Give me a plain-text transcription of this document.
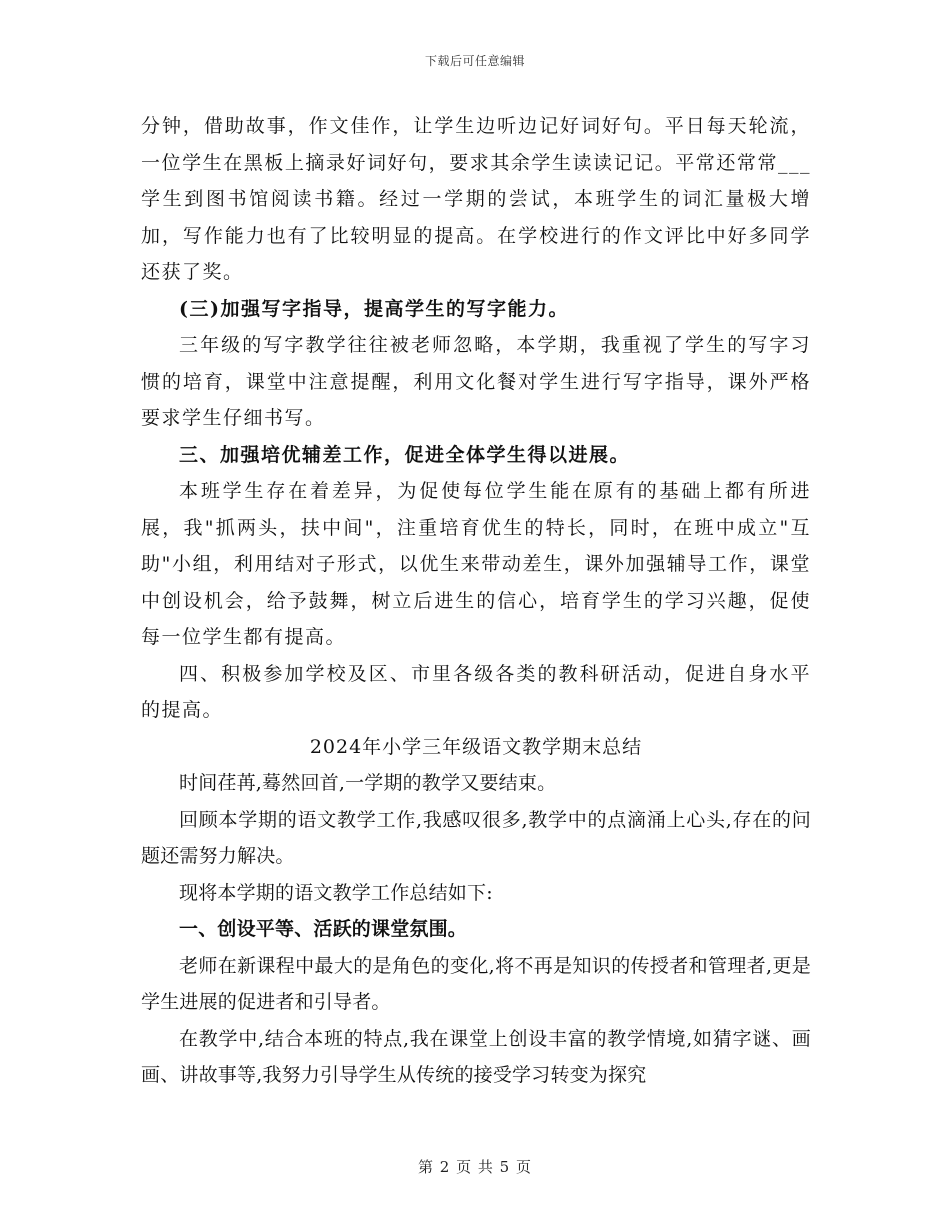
下载后可任意编辑

分钟，借助故事，作文佳作，让学生边听边记好词好句。平日每天轮流，一位学生在黑板上摘录好词好句，要求其余学生读读记记。平常还常常___学生到图书馆阅读书籍。经过一学期的尝试，本班学生的词汇量极大增加，写作能力也有了比较明显的提高。在学校进行的作文评比中好多同学还获了奖。

(三)加强写字指导，提高学生的写字能力。

三年级的写字教学往往被老师忽略，本学期，我重视了学生的写字习惯的培育，课堂中注意提醒，利用文化餐对学生进行写字指导，课外严格要求学生仔细书写。

三、加强培优辅差工作，促进全体学生得以进展。

本班学生存在着差异，为促使每位学生能在原有的基础上都有所进展，我"抓两头，扶中间"，注重培育优生的特长，同时，在班中成立"互助"小组，利用结对子形式，以优生来带动差生，课外加强辅导工作，课堂中创设机会，给予鼓舞，树立后进生的信心，培育学生的学习兴趣，促使每一位学生都有提高。

四、积极参加学校及区、市里各级各类的教科研活动，促进自身水平的提高。

2024年小学三年级语文教学期末总结

时间荏苒,蓦然回首,一学期的教学又要结束。

回顾本学期的语文教学工作,我感叹很多,教学中的点滴涌上心头,存在的问题还需努力解决。

现将本学期的语文教学工作总结如下:

一、创设平等、活跃的课堂氛围。

老师在新课程中最大的是角色的变化,将不再是知识的传授者和管理者,更是学生进展的促进者和引导者。

在教学中,结合本班的特点,我在课堂上创设丰富的教学情境,如猜字谜、画画、讲故事等,我努力引导学生从传统的接受学习转变为探究

第 2 页 共 5 页
